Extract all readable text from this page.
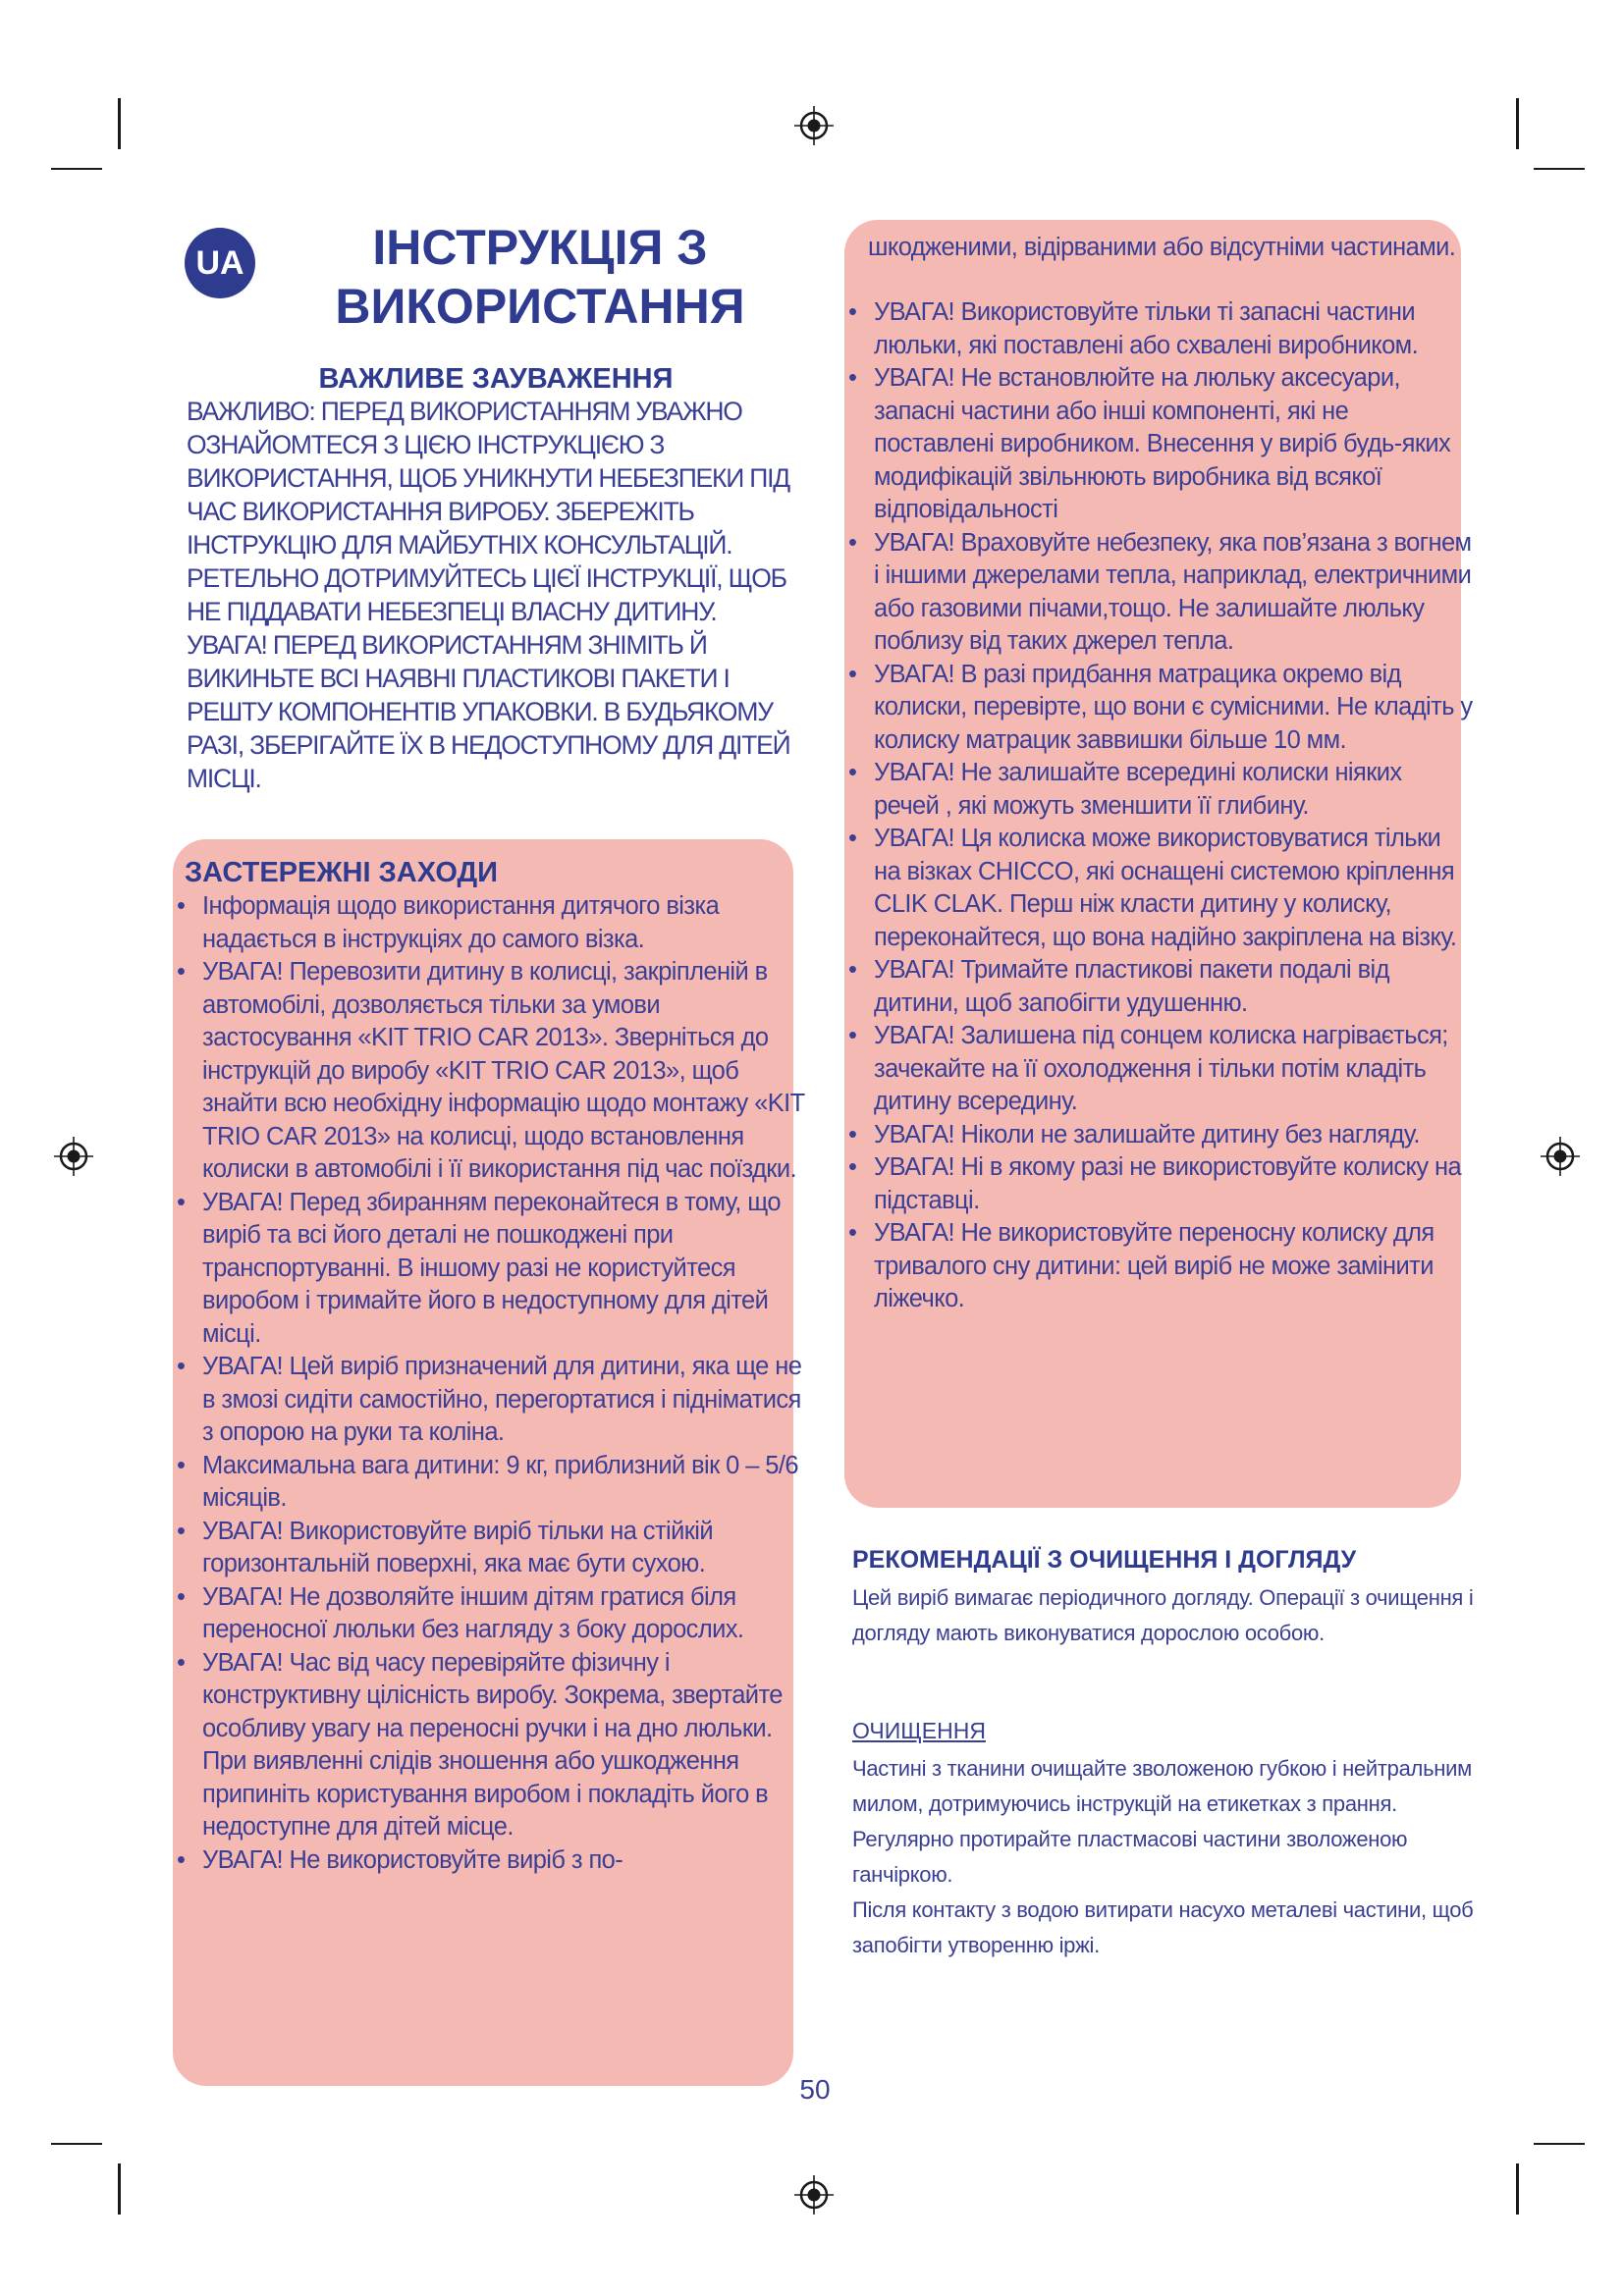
UA	ІНСТРУКЦІЯ З
ВИКОРИСТАННЯ
ВАЖЛИВЕ ЗАУВАЖЕННЯ

ВАЖЛИВО: ПЕРЕД ВИКОРИСТАННЯМ УВАЖНО ОЗНАЙОМТЕСЯ З ЦІЄЮ ІНСТРУКЦІЄЮ З ВИКОРИСТАННЯ, ЩОБ УНИКНУТИ НЕБЕЗПЕКИ ПІД ЧАС ВИКОРИСТАННЯ ВИРОБУ. ЗБЕРЕЖІТЬ ІНСТРУКЦІЮ ДЛЯ МАЙБУТНІХ КОНСУЛЬТАЦІЙ. РЕТЕЛЬНО ДОТРИМУЙТЕСЬ ЦІЄЇ ІНСТРУКЦІЇ, ЩОБ НЕ ПІДДАВАТИ НЕБЕЗПЕЦІ ВЛАСНУ ДИТИНУ.

УВАГА! ПЕРЕД ВИКОРИСТАННЯМ ЗНІМІТЬ Й ВИКИНЬТЕ ВСІ НАЯВНІ ПЛАСТИКОВІ ПАКЕТИ І РЕШТУ КОМПОНЕНТІВ УПАКОВКИ. В БУДЬЯКОМУ РАЗІ, ЗБЕРІГАЙТЕ ЇХ В НЕДОСТУПНОМУ ДЛЯ ДІТЕЙ МІСЦІ.

ЗАСТЕРЕЖНІ ЗАХОДИ
• Інформація щодо використання дитячого візка надається в інструкціях до самого візка.
• УВАГА! Перевозити дитину в колисці, закріпленій в автомобілі, дозволяється тільки за умови застосування «KIT TRIO CAR 2013». Зверніться до інструкцій до виробу «KIT TRIO CAR 2013», щоб знайти всю необхідну інформацію щодо монтажу «KIT TRIO CAR 2013» на колисці, щодо встановлення колиски в автомобілі і її використання під час поїздки.
• УВАГА! Перед збиранням переконайтеся в тому, що виріб та всі його деталі не пошкоджені при транспортуванні. В іншому разі не користуйтеся виробом і тримайте його в недоступному для дітей місці.
• УВАГА! Цей виріб призначений для дитини, яка ще не в змозі сидіти самостійно, перегортатися і підніматися з опорою на руки та коліна.
• Максимальна вага дитини: 9 кг, приблизний вік 0 – 5/6 місяців.
• УВАГА! Використовуйте виріб тільки на стійкій горизонтальній поверхні, яка має бути сухою.
• УВАГА! Не дозволяйте іншим дітям гратися біля переносної люльки без нагляду з боку дорослих.
• УВАГА! Час від часу перевіряйте фізичну і конструктивну цілісність виробу. Зокрема, звертайте особливу увагу на переносні ручки і на дно люльки. При виявленні слідів зношення або ушкодження припиніть користування виробом і покладіть його в недоступне для дітей місце.
• УВАГА! Не використовуйте виріб з по-
шкодженими, відірваними або відсутніми частинами.
• УВАГА! Використовуйте тільки ті запасні частини люльки, які поставлені або схвалені виробником.
• УВАГА! Не встановлюйте на люльку аксесуари, запасні частини або інші компоненті, які не поставлені виробником. Внесення у виріб будь-яких модифікацій звільнюють виробника від всякої відповідальності
• УВАГА! Враховуйте небезпеку, яка пов’язана з вогнем і іншими джерелами тепла, наприклад, електричними або газовими пічами,тощо. Не залишайте люльку поблизу від таких джерел тепла.
• УВАГА! В разі придбання матрацика окремо від колиски, перевірте, що вони є сумісними. Не кладіть у колиску матрацик заввишки більше 10 мм.
• УВАГА! Не залишайте всередині колиски ніяких речей , які можуть зменшити її глибину.
• УВАГА! Ця колиска може використовуватися тільки на візках CHICCO, які оснащені системою кріплення CLIK CLAK. Перш ніж класти дитину у колиску, переконайтеся, що вона надійно закріплена на візку.
• УВАГА! Тримайте пластикові пакети подалі від дитини, щоб запобігти удушенню.
• УВАГА! Залишена під сонцем колиска нагрівається; зачекайте на її охолодження і тільки потім кладіть дитину всередину.
• УВАГА! Ніколи не залишайте дитину без нагляду.
• УВАГА! Ні в якому разі не використовуйте колиску на підставці.
• УВАГА! Не використовуйте переносну колиску для тривалого сну дитини: цей виріб не може замінити ліжечко.
РЕКОМЕНДАЦІЇ З ОЧИЩЕННЯ І ДОГЛЯДУ

Цей виріб вимагає періодичного догляду. Операції з очищення і догляду мають виконуватися дорослою особою.

ОЧИЩЕННЯ

Частині з тканини очищайте зволоженою губкою і нейтральним милом, дотримуючись інструкцій на етикетках з прання.

Регулярно протирайте пластмасові частини зволоженою ганчіркою.

Після контакту з водою витирати насухо металеві частини, щоб запобігти утворенню іржі.

50
